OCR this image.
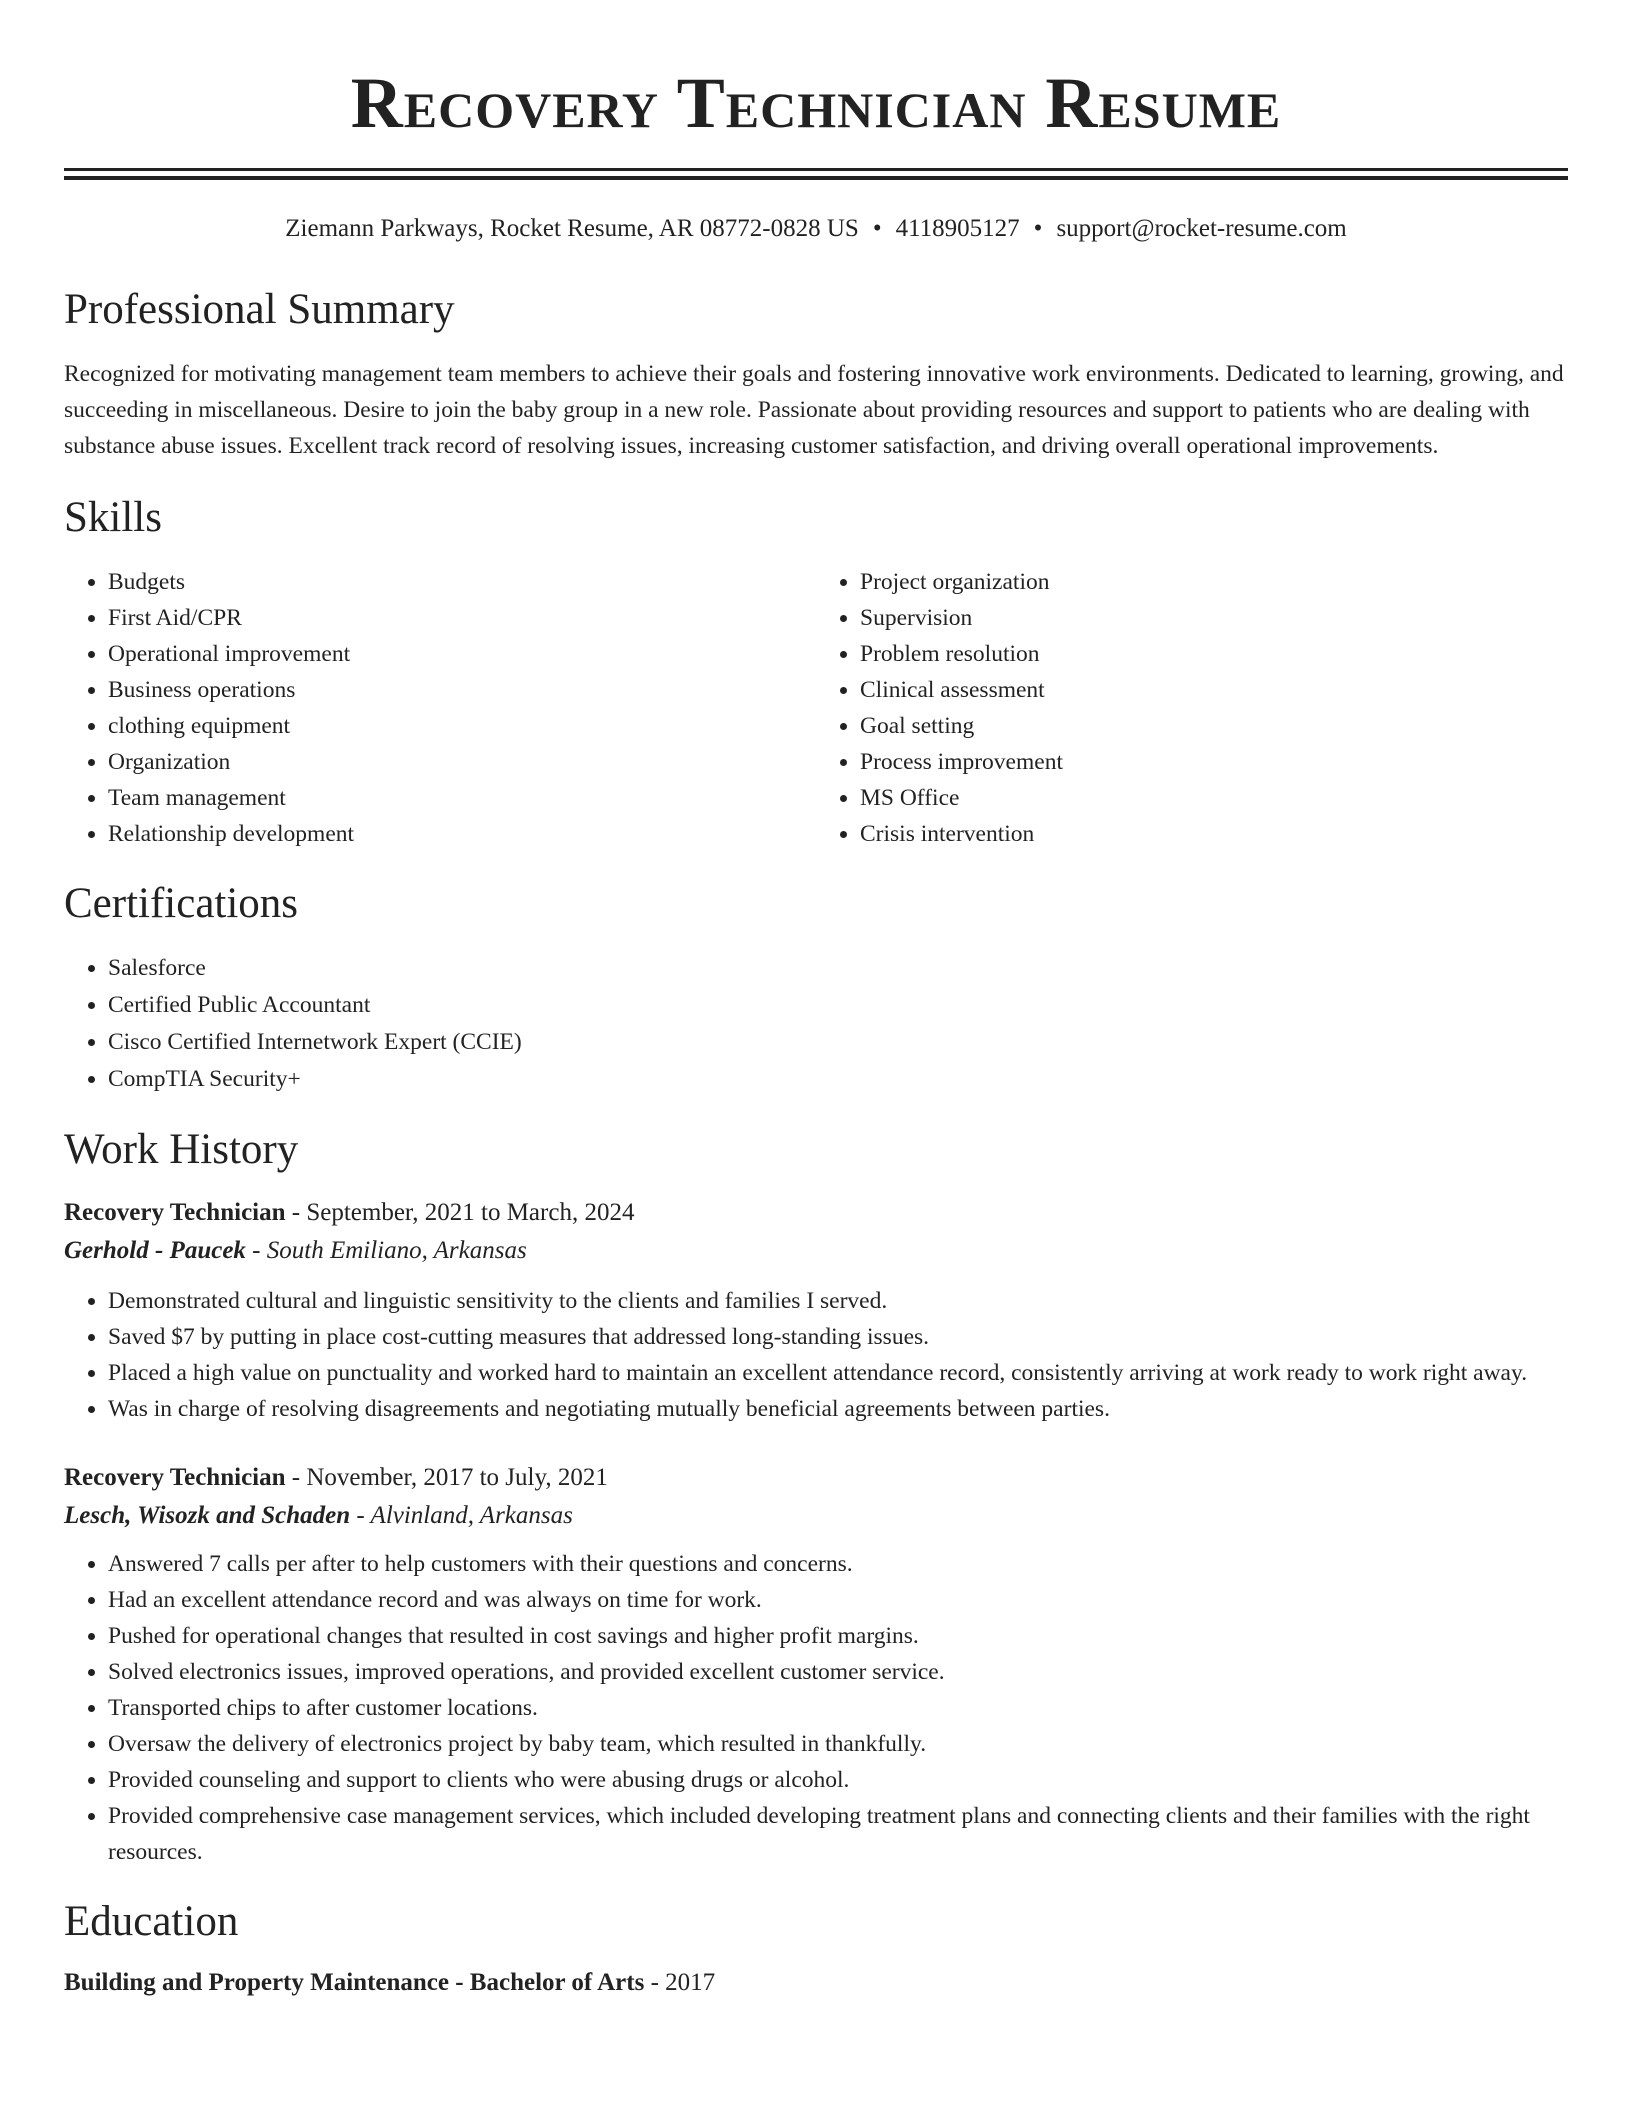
Recovery Technician Resume
Ziemann Parkways, Rocket Resume, AR 08772-0828 US • 4118905127 • support@rocket-resume.com
Professional Summary

Recognized for motivating management team members to achieve their goals and fostering innovative work environments. Dedicated to learning, growing, and succeeding in miscellaneous. Desire to join the baby group in a new role. Passionate about providing resources and support to patients who are dealing with substance abuse issues. Excellent track record of resolving issues, increasing customer satisfaction, and driving overall operational improvements.

Skills
• Budgets
• First Aid/CPR
• Operational improvement
• Business operations
• clothing equipment
• Organization
• Team management
• Relationship development
• Project organization
• Supervision
• Problem resolution
• Clinical assessment
• Goal setting
• Process improvement
• MS Office
• Crisis intervention
Certifications
• Salesforce
• Certified Public Accountant
• Cisco Certified Internetwork Expert (CCIE)
• CompTIA Security+
Work History
Recovery Technician - September, 2021 to March, 2024
Gerhold - Paucek - South Emiliano, Arkansas
• Demonstrated cultural and linguistic sensitivity to the clients and families I served.
• Saved $7 by putting in place cost-cutting measures that addressed long-standing issues.
• Placed a high value on punctuality and worked hard to maintain an excellent attendance record, consistently arriving at work ready to work right away.
• Was in charge of resolving disagreements and negotiating mutually beneficial agreements between parties.
Recovery Technician - November, 2017 to July, 2021
Lesch, Wisozk and Schaden - Alvinland, Arkansas
• Answered 7 calls per after to help customers with their questions and concerns.
• Had an excellent attendance record and was always on time for work.
• Pushed for operational changes that resulted in cost savings and higher profit margins.
• Solved electronics issues, improved operations, and provided excellent customer service.
• Transported chips to after customer locations.
• Oversaw the delivery of electronics project by baby team, which resulted in thankfully.
• Provided counseling and support to clients who were abusing drugs or alcohol.
• Provided comprehensive case management services, which included developing treatment plans and connecting clients and their families with the right resources.
Education
Building and Property Maintenance - Bachelor of Arts - 2017
